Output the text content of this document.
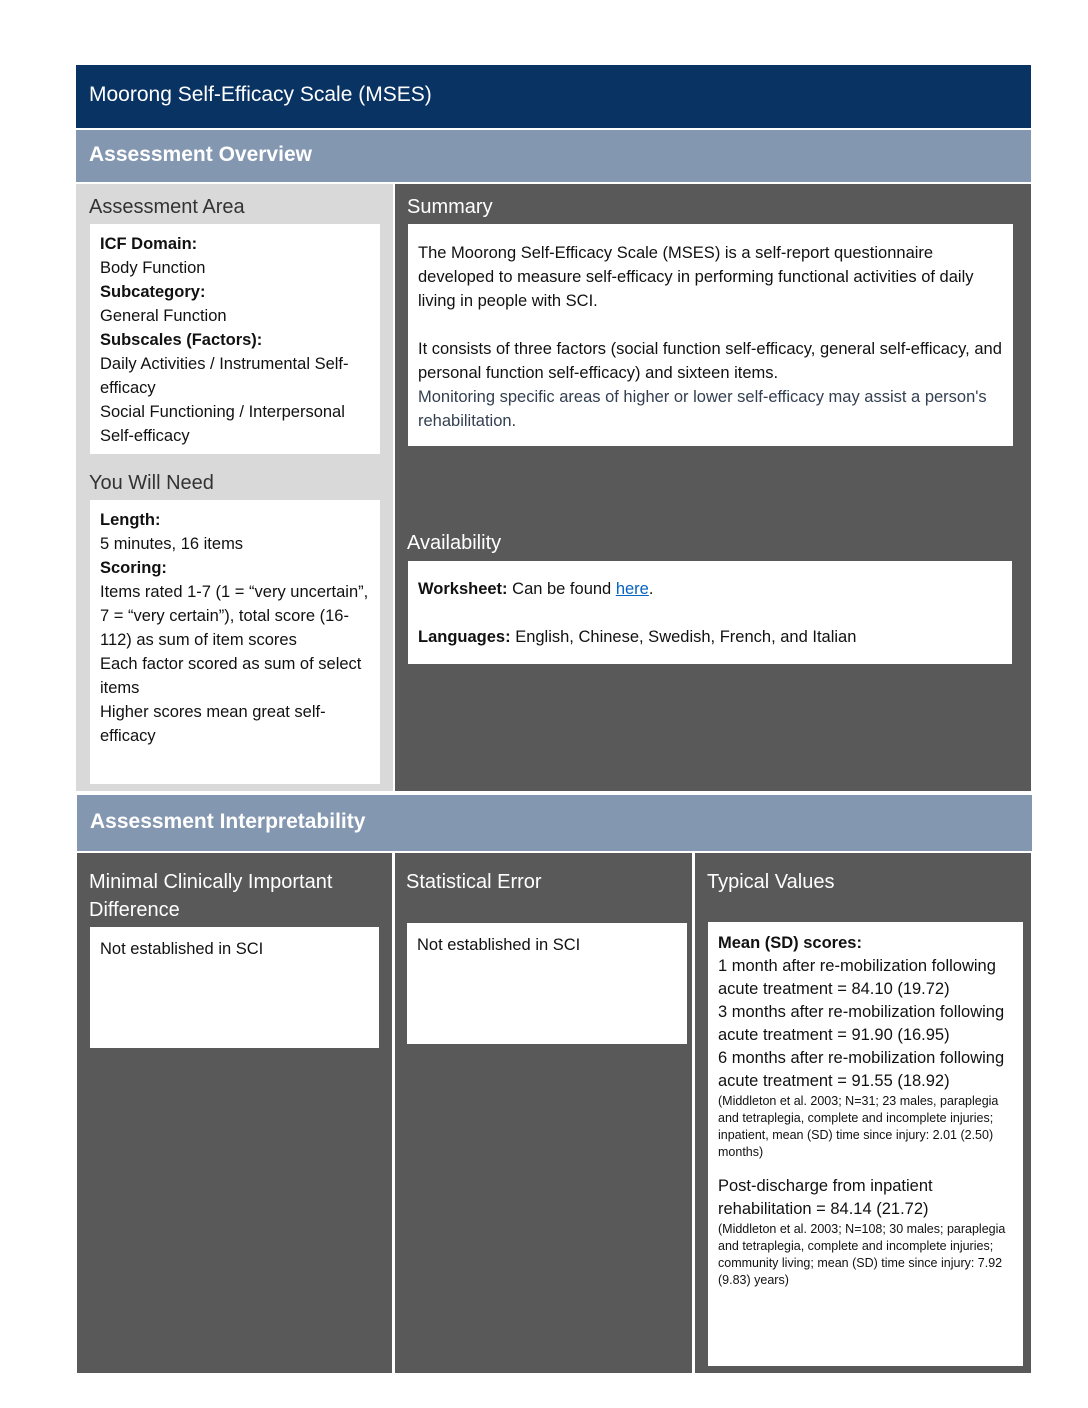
Moorong Self-Efficacy Scale (MSES)
Assessment Overview
Assessment Area
ICF Domain:
Body Function
Subcategory:
General Function
Subscales (Factors):
Daily Activities / Instrumental Self-efficacy
Social Functioning / Interpersonal Self-efficacy
You Will Need
Length:
5 minutes, 16 items
Scoring:
Items rated 1-7 (1 = “very uncertain”, 7 = “very certain”), total score (16-112) as sum of item scores
Each factor scored as sum of select items
Higher scores mean great self-efficacy
Summary
The Moorong Self-Efficacy Scale (MSES) is a self-report questionnaire developed to measure self-efficacy in performing functional activities of daily living in people with SCI.
It consists of three factors (social function self-efficacy, general self-efficacy, and personal function self-efficacy) and sixteen items.
Monitoring specific areas of higher or lower self-efficacy may assist a person's rehabilitation.
Availability
Worksheet: Can be found here.
Languages: English, Chinese, Swedish, French, and Italian
Assessment Interpretability
Minimal Clinically Important Difference
Not established in SCI
Statistical Error
Not established in SCI
Typical Values
Mean (SD) scores:
1 month after re-mobilization following acute treatment = 84.10 (19.72)
3 months after re-mobilization following acute treatment = 91.90 (16.95)
6 months after re-mobilization following acute treatment = 91.55 (18.92)
(Middleton et al. 2003; N=31; 23 males, paraplegia and tetraplegia, complete and incomplete injuries; inpatient, mean (SD) time since injury: 2.01 (2.50) months)
Post-discharge from inpatient rehabilitation = 84.14 (21.72)
(Middleton et al. 2003; N=108; 30 males; paraplegia and tetraplegia, complete and incomplete injuries; community living; mean (SD) time since injury: 7.92 (9.83) years)
